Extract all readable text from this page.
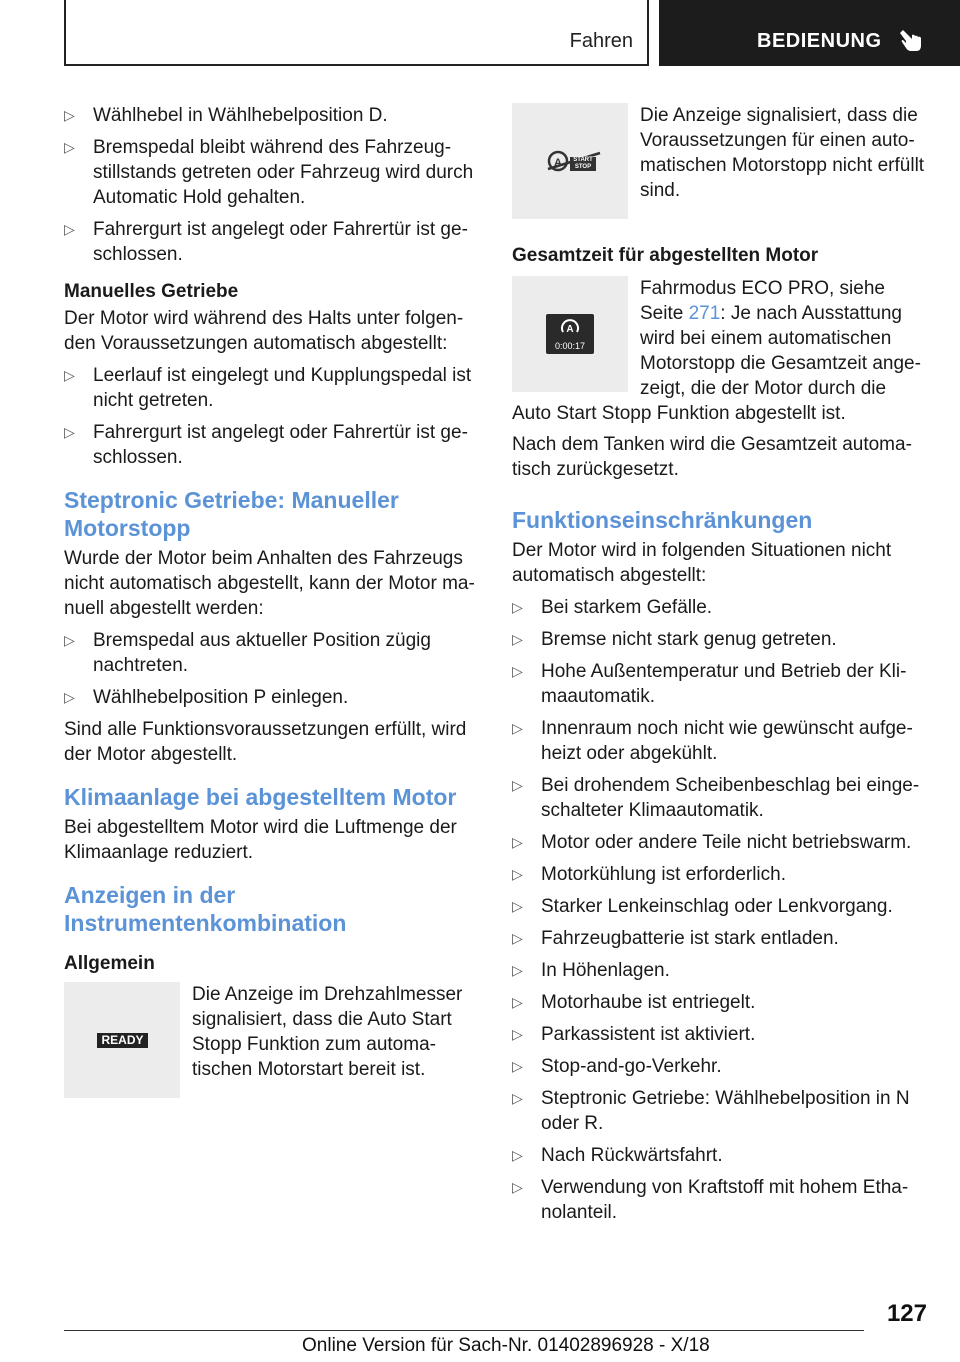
Fahren	BEDIENUNG
▷ Wählhebel in Wählhebelposition D.
▷ Bremspedal bleibt während des Fahrzeugstillstands getreten oder Fahrzeug wird durch Automatic Hold gehalten.
▷ Fahrergurt ist angelegt oder Fahrertür ist geschlossen.
Manuelles Getriebe

Der Motor wird während des Halts unter folgenden Voraussetzungen automatisch abgestellt:

▷ Leerlauf ist eingelegt und Kupplungspedal ist nicht getreten.
▷ Fahrergurt ist angelegt oder Fahrertür ist geschlossen.
Steptronic Getriebe: Manueller Motorstopp

Wurde der Motor beim Anhalten des Fahrzeugs nicht automatisch abgestellt, kann der Motor manuell abgestellt werden:

▷ Bremspedal aus aktueller Position zügig nachtreten.
▷ Wählhebelposition P einlegen.

Sind alle Funktionsvoraussetzungen erfüllt, wird der Motor abgestellt.

Klimaanlage bei abgestelltem Motor

Bei abgestelltem Motor wird die Luftmenge der Klimaanlage reduziert.

Anzeigen in der Instrumentenkombination
Allgemein
READY
Die Anzeige im Drehzahlmesser signalisiert, dass die Auto Start Stopp Funktion zum automatischen Motorstart bereit ist.
A	START
STOP
Die Anzeige signalisiert, dass die Voraussetzungen für einen automatischen Motorstopp nicht erfüllt sind.
Gesamtzeit für abgestellten Motor
A
0:00:17
Fahrmodus ECO PRO, siehe Seite 271: Je nach Ausstattung wird bei einem automatischen Motorstopp die Gesamtzeit angezeigt, die der Motor durch die Auto Start Stopp Funktion abgestellt ist.

Nach dem Tanken wird die Gesamtzeit automatisch zurückgesetzt.

Funktionseinschränkungen

Der Motor wird in folgenden Situationen nicht automatisch abgestellt:

▷ Bei starkem Gefälle.
▷ Bremse nicht stark genug getreten.
▷ Hohe Außentemperatur und Betrieb der Klimaautomatik.
▷ Innenraum noch nicht wie gewünscht aufgeheizt oder abgekühlt.
▷ Bei drohendem Scheibenbeschlag bei eingeschalteter Klimaautomatik.
▷ Motor oder andere Teile nicht betriebswarm.
▷ Motorkühlung ist erforderlich.
▷ Starker Lenkeinschlag oder Lenkvorgang.
▷ Fahrzeugbatterie ist stark entladen.
▷ In Höhenlagen.
▷ Motorhaube ist entriegelt.
▷ Parkassistent ist aktiviert.
▷ Stop-and-go-Verkehr.
▷ Steptronic Getriebe: Wählhebelposition in N oder R.
▷ Nach Rückwärtsfahrt.
▷ Verwendung von Kraftstoff mit hohem Ethanolanteil.
127
Online Version für Sach-Nr. 01402896928 - X/18
